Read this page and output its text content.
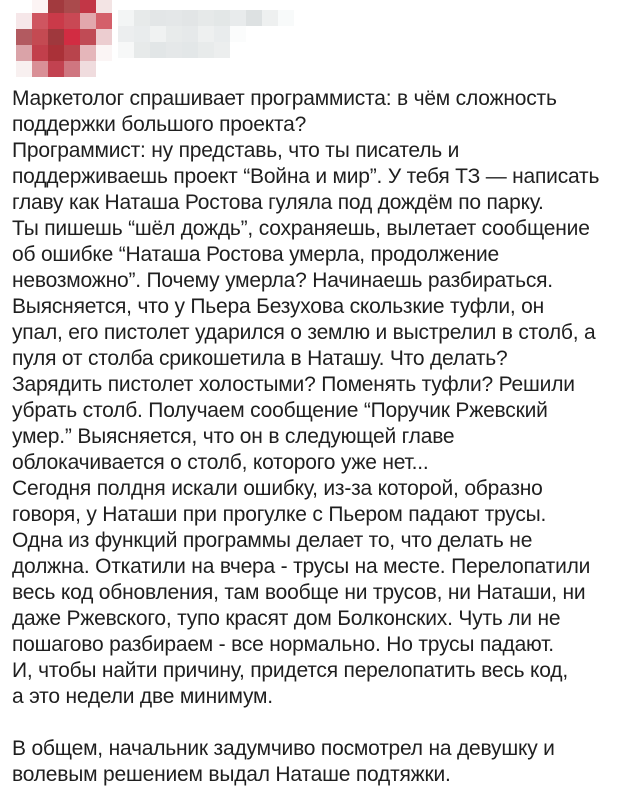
Маркетолог спрашивает программиста: в чём сложность
поддержки большого проекта?
Программист: ну представь, что ты писатель и
поддерживаешь проект “Война и мир”. У тебя ТЗ — написать
главу как Наташа Ростова гуляла под дождём по парку.
Ты пишешь “шёл дождь”, сохраняешь, вылетает сообщение
об ошибке “Наташа Ростова умерла, продолжение
невозможно”. Почему умерла? Начинаешь разбираться.
Выясняется, что у Пьера Безухова скользкие туфли, он
упал, его пистолет ударился о землю и выстрелил в столб, а
пуля от столба срикошетила в Наташу. Что делать?
Зарядить пистолет холостыми? Поменять туфли? Решили
убрать столб. Получаем сообщение “Поручик Ржевский
умер.” Выясняется, что он в следующей главе
облокачивается о столб, которого уже нет...
Сегодня полдня искали ошибку, из-за которой, образно
говоря, у Наташи при прогулке с Пьером падают трусы.
Одна из функций программы делает то, что делать не
должна. Откатили на вчера - трусы на месте. Перелопатили
весь код обновления, там вообще ни трусов, ни Наташи, ни
даже Ржевского, тупо красят дом Болконских. Чуть ли не
пошагово разбираем - все нормально. Но трусы падают.
И, чтобы найти причину, придется перелопатить весь код,
а это недели две минимум.

В общем, начальник задумчиво посмотрел на девушку и
волевым решением выдал Наташе подтяжки.
